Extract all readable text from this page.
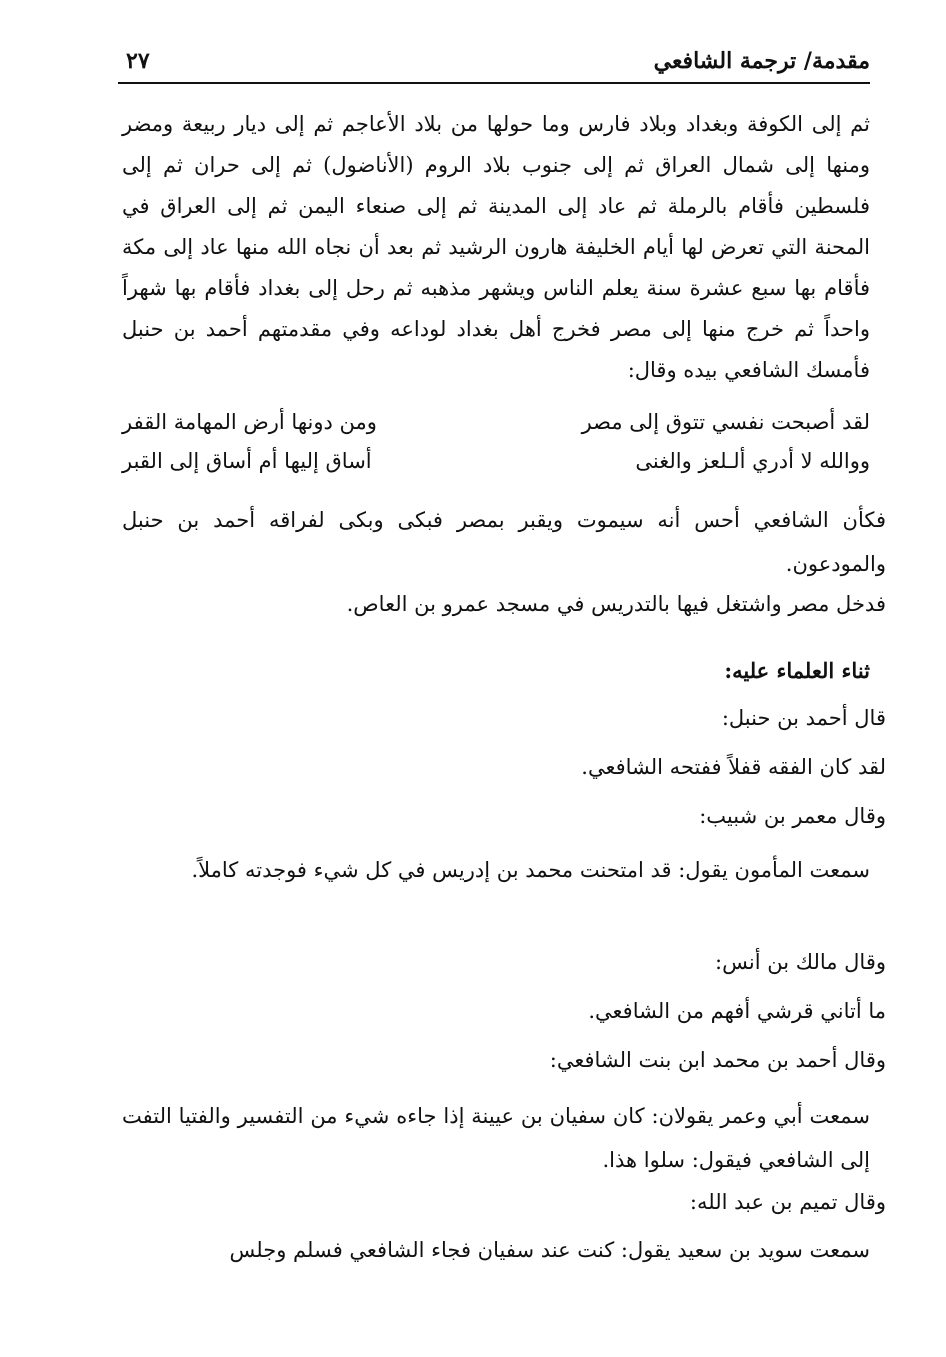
مقدمة/ ترجمة الشافعي
٢٧

ثم إلى الكوفة وبغداد وبلاد فارس وما حولها من بلاد الأعاجم ثم إلى ديار ربيعة ومضر ومنها إلى شمال العراق ثم إلى جنوب بلاد الروم (الأناضول) ثم إلى حران ثم إلى فلسطين فأقام بالرملة ثم عاد إلى المدينة ثم إلى صنعاء اليمن ثم إلى العراق في المحنة التي تعرض لها أيام الخليفة هارون الرشيد ثم بعد أن نجاه الله منها عاد إلى مكة فأقام بها سبع عشرة سنة يعلم الناس ويشهر مذهبه ثم رحل إلى بغداد فأقام بها شهراً واحداً ثم خرج منها إلى مصر فخرج أهل بغداد لوداعه وفي مقدمتهم أحمد بن حنبل فأمسك الشافعي بيده وقال:

لقد أصبحت نفسي تتوق إلى مصر
ومن دونها أرض المهامة القفر
ووالله لا أدري ألـلعز والغنى
أساق إليها أم أساق إلى القبر
فكأن الشافعي أحس أنه سيموت ويقبر بمصر فبكى وبكى لفراقه أحمد بن حنبل والمودعون.
فدخل مصر واشتغل فيها بالتدريس في مسجد عمرو بن العاص.
ثناء العلماء عليه:
قال أحمد بن حنبل:
لقد كان الفقه قفلاً ففتحه الشافعي.
وقال معمر بن شبيب:
سمعت المأمون يقول: قد امتحنت محمد بن إدريس في كل شيء فوجدته كاملاً.
وقال مالك بن أنس:
ما أتاني قرشي أفهم من الشافعي.
وقال أحمد بن محمد ابن بنت الشافعي:
سمعت أبي وعمر يقولان: كان سفيان بن عيينة إذا جاءه شيء من التفسير والفتيا التفت إلى الشافعي فيقول: سلوا هذا.
وقال تميم بن عبد الله:
سمعت سويد بن سعيد يقول: كنت عند سفيان فجاء الشافعي فسلم وجلس
